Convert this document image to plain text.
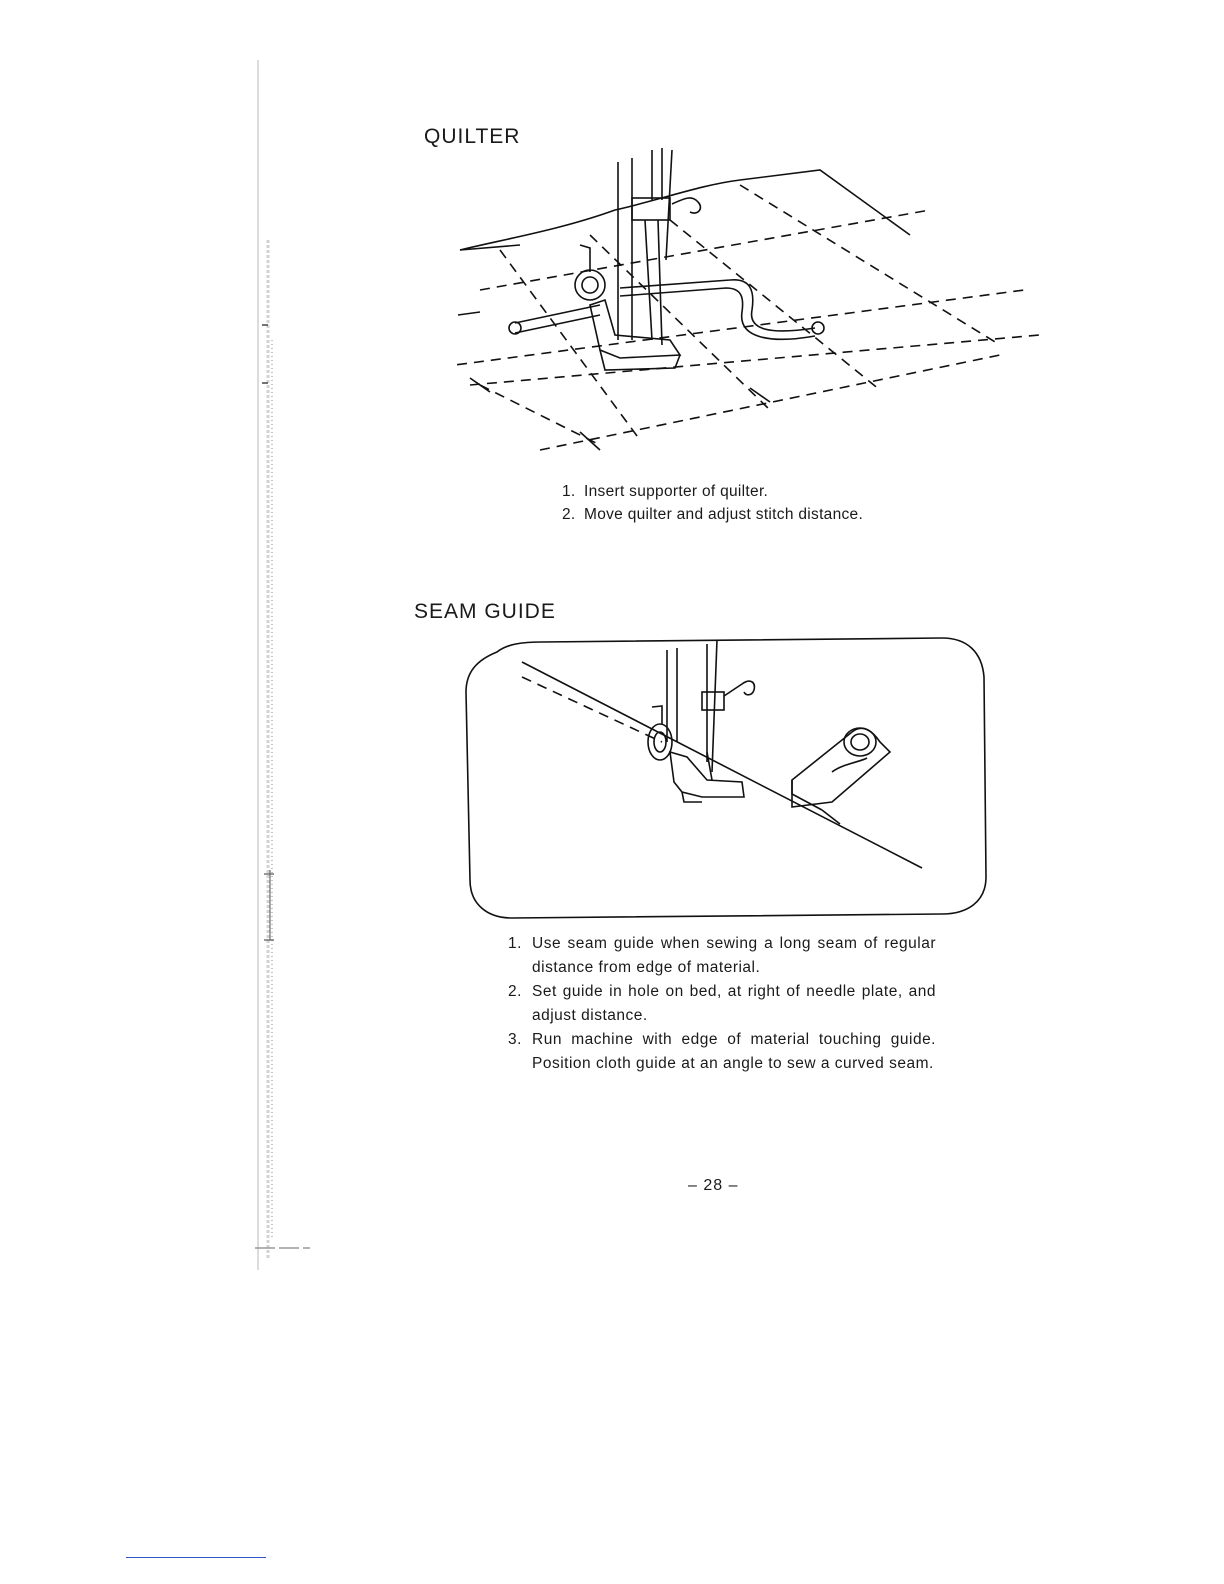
QUILTER
1. Insert supporter of quilter.
2. Move quilter and adjust stitch distance.
SEAM GUIDE
1. Use seam guide when sewing a long seam of regular distance from edge of material.
2. Set guide in hole on bed, at right of needle plate, and adjust distance.
3. Run machine with edge of material touching guide. Position cloth guide at an angle to sew a curved seam.
– 28 –
